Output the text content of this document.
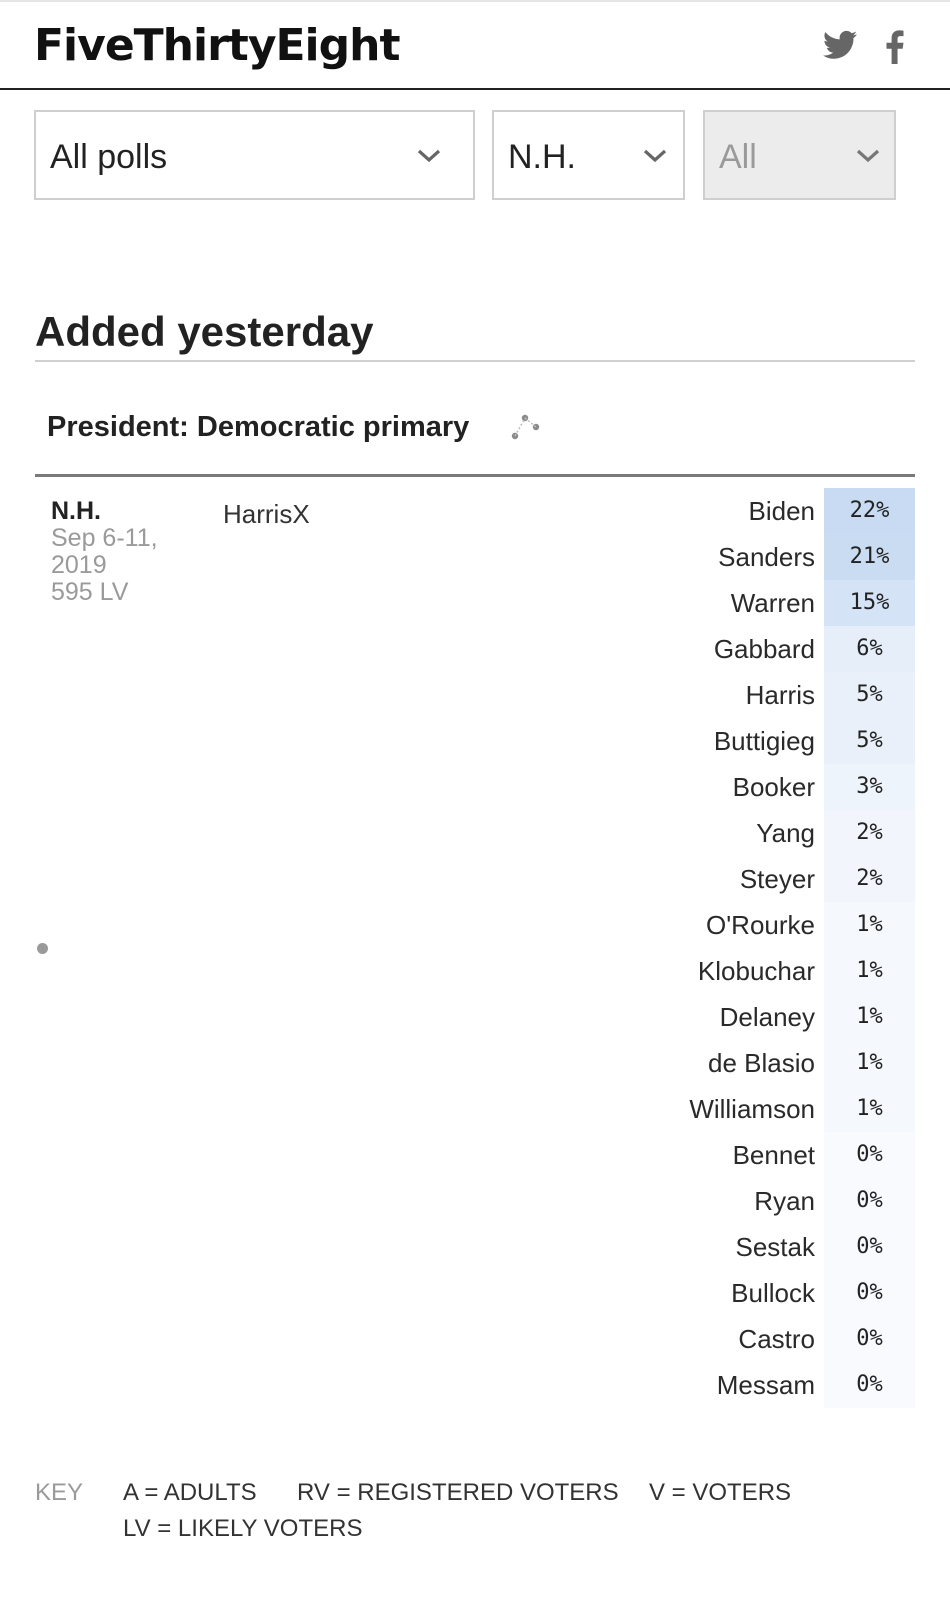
FiveThirtyEight
All polls	N.H.	All
Added yesterday
President: Democratic primary
N.H.
Sep 6-11,
2019
595 LV
HarrisX	Biden	22%
Sanders	21%
Warren	15%
Gabbard	6%
Harris	5%
Buttigieg	5%
Booker	3%
Yang	2%
Steyer	2%
O'Rourke	1%
Klobuchar	1%
Delaney	1%
de Blasio	1%
Williamson	1%
Bennet	0%
Ryan	0%
Sestak	0%
Bullock	0%
Castro	0%
Messam	0%
KEY A = ADULTS RV = REGISTERED VOTERS V = VOTERS
LV = LIKELY VOTERS
